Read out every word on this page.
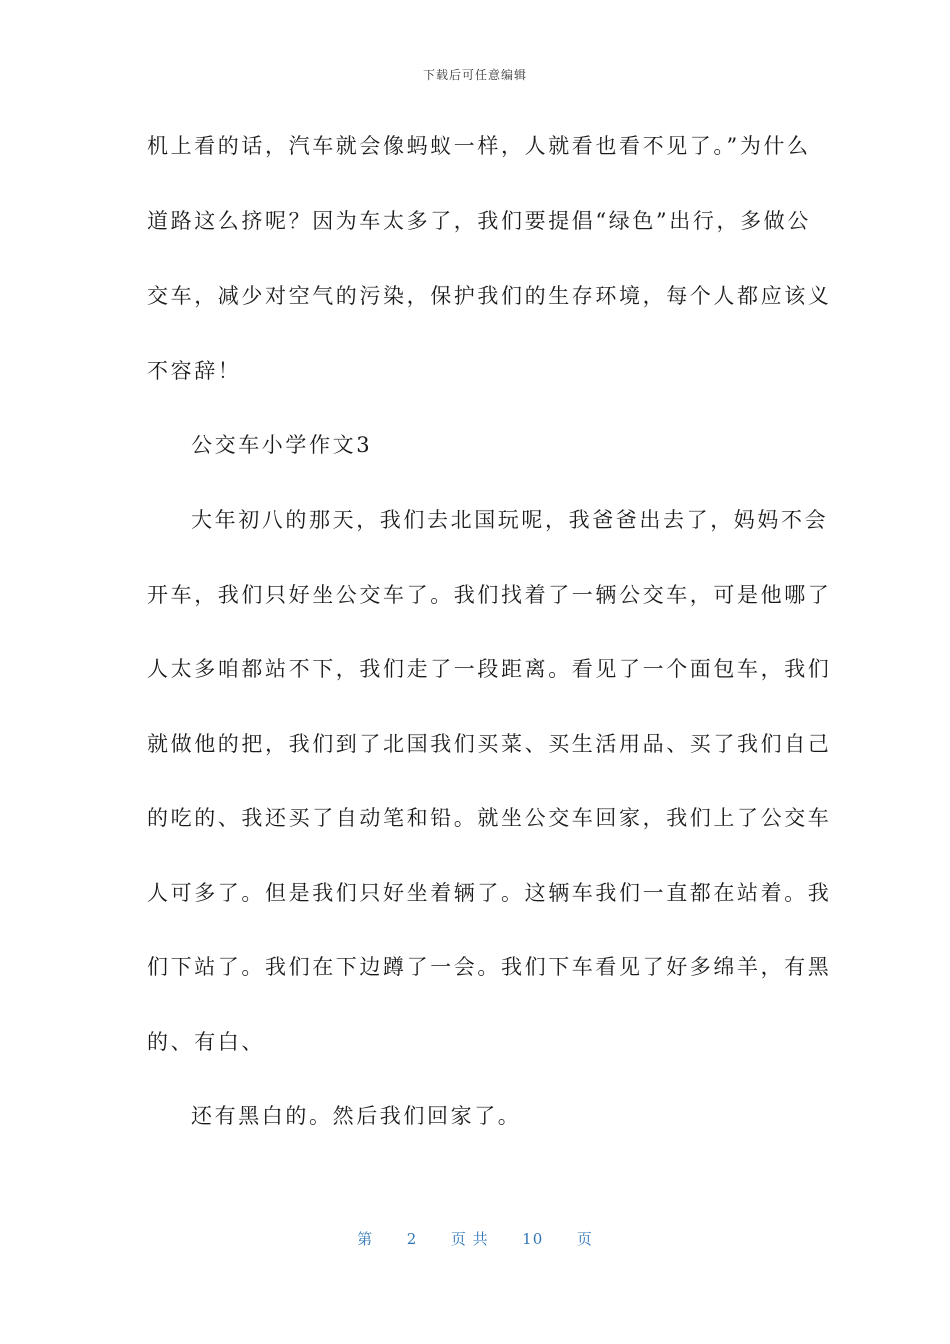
下载后可任意编辑
机上看的话，汽车就会像蚂蚁一样，人就看也看不见了。”为什么
道路这么挤呢？因为车太多了，我们要提倡“绿色”出行，多做公
交车，减少对空气的污染，保护我们的生存环境，每个人都应该义
不容辞！
公交车小学作文3
大年初八的那天，我们去北国玩呢，我爸爸出去了，妈妈不会
开车，我们只好坐公交车了。我们找着了一辆公交车，可是他哪了
人太多咱都站不下，我们走了一段距离。看见了一个面包车，我们
就做他的把，我们到了北国我们买菜、买生活用品、买了我们自己
的吃的、我还买了自动笔和铅。就坐公交车回家，我们上了公交车
人可多了。但是我们只好坐着辆了。这辆车我们一直都在站着。我
们下站了。我们在下边蹲了一会。我们下车看见了好多绵羊，有黑
的、有白、
还有黑白的。然后我们回家了。
第 2 页 共 10 页
